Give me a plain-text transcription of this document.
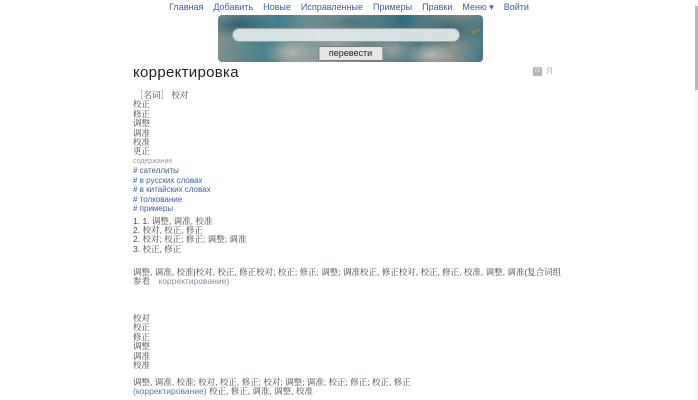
Главная Добавить Новые Исправленные Примеры Правки Меню ▾ Войти
✏
перевести
корректировка	汉 Я
［名词］ 校对
校正
修正
调整
调准
校准
更正
содержание
# сателлиты
# в русских словах
# в китайских словах
# толкование
# примеры
1. 1. 调整, 调准, 校准
2. 校对, 校正, 修正
2. 校对; 校正; 修正; 调整; 调准
3. 校正, 修正
调整, 调准, 校准|校对, 校正, 修正校对; 校正; 修正; 调整; 调准校正, 修正校对, 校正, 修正, 校准, 调整, 调准(复合词组参看 корректирование)
校对
校正
修正
调整
调准
校准
调整, 调准, 校准; 校对, 校正, 修正; 校对; 调整; 调准; 校正; 修正; 校正, 修正
(корректирование) 校正, 修正, 调准, 调整, 校准
